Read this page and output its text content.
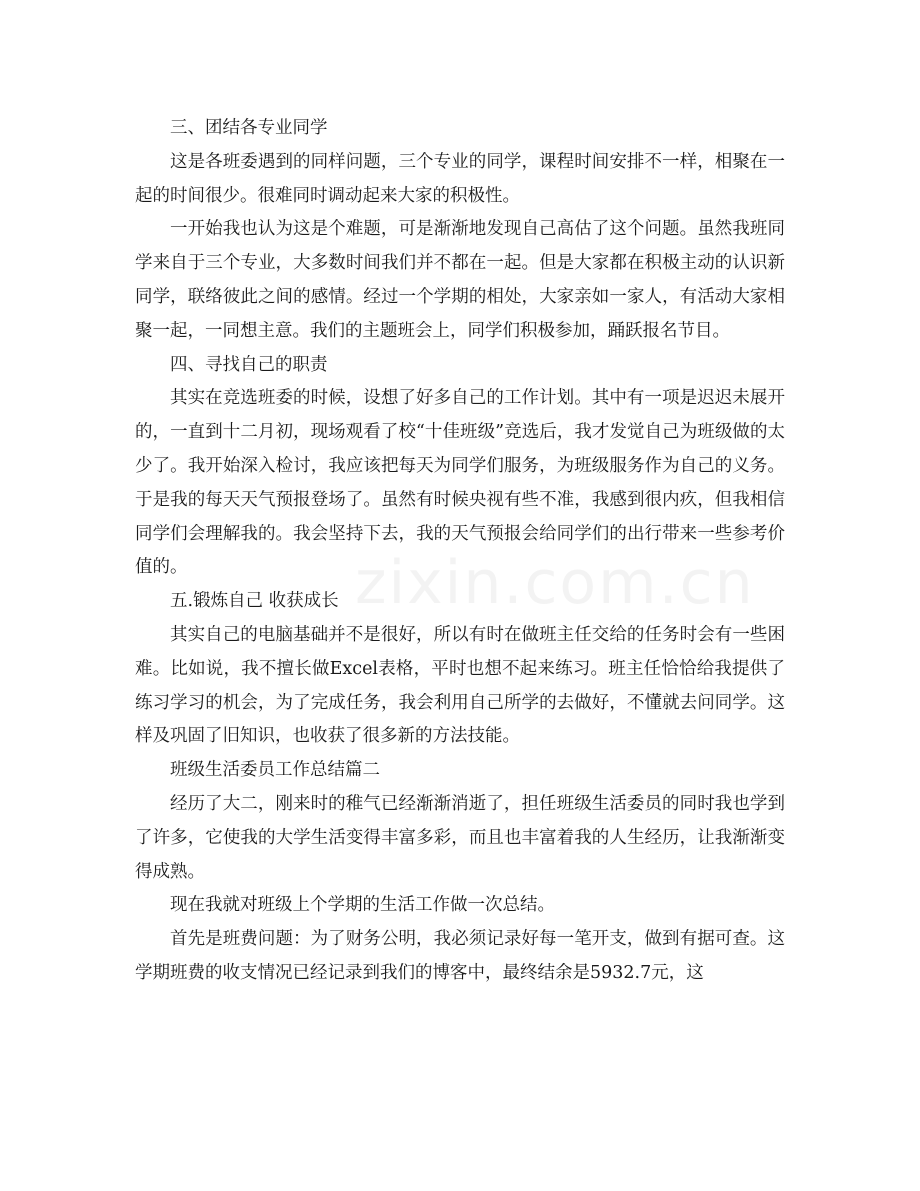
zixin.com.cn

三、团结各专业同学

这是各班委遇到的同样问题，三个专业的同学，课程时间安排不一样，相聚在一起的时间很少。很难同时调动起来大家的积极性。

一开始我也认为这是个难题，可是渐渐地发现自己高估了这个问题。虽然我班同学来自于三个专业，大多数时间我们并不都在一起。但是大家都在积极主动的认识新同学，联络彼此之间的感情。经过一个学期的相处，大家亲如一家人，有活动大家相聚一起，一同想主意。我们的主题班会上，同学们积极参加，踊跃报名节目。

四、寻找自己的职责

其实在竞选班委的时候，设想了好多自己的工作计划。其中有一项是迟迟未展开的，一直到十二月初，现场观看了校“十佳班级”竞选后，我才发觉自己为班级做的太少了。我开始深入检讨，我应该把每天为同学们服务，为班级服务作为自己的义务。于是我的每天天气预报登场了。虽然有时候央视有些不准，我感到很内疚，但我相信同学们会理解我的。我会坚持下去，我的天气预报会给同学们的出行带来一些参考价值的。

五.锻炼自己 收获成长

其实自己的电脑基础并不是很好，所以有时在做班主任交给的任务时会有一些困难。比如说，我不擅长做Excel表格，平时也想不起来练习。班主任恰恰给我提供了练习学习的机会，为了完成任务，我会利用自己所学的去做好，不懂就去问同学。这样及巩固了旧知识，也收获了很多新的方法技能。

班级生活委员工作总结篇二

经历了大二，刚来时的稚气已经渐渐消逝了，担任班级生活委员的同时我也学到了许多，它使我的大学生活变得丰富多彩，而且也丰富着我的人生经历，让我渐渐变得成熟。

现在我就对班级上个学期的生活工作做一次总结。

首先是班费问题：为了财务公明，我必须记录好每一笔开支，做到有据可查。这学期班费的收支情况已经记录到我们的博客中，最终结余是5932.7元，这
